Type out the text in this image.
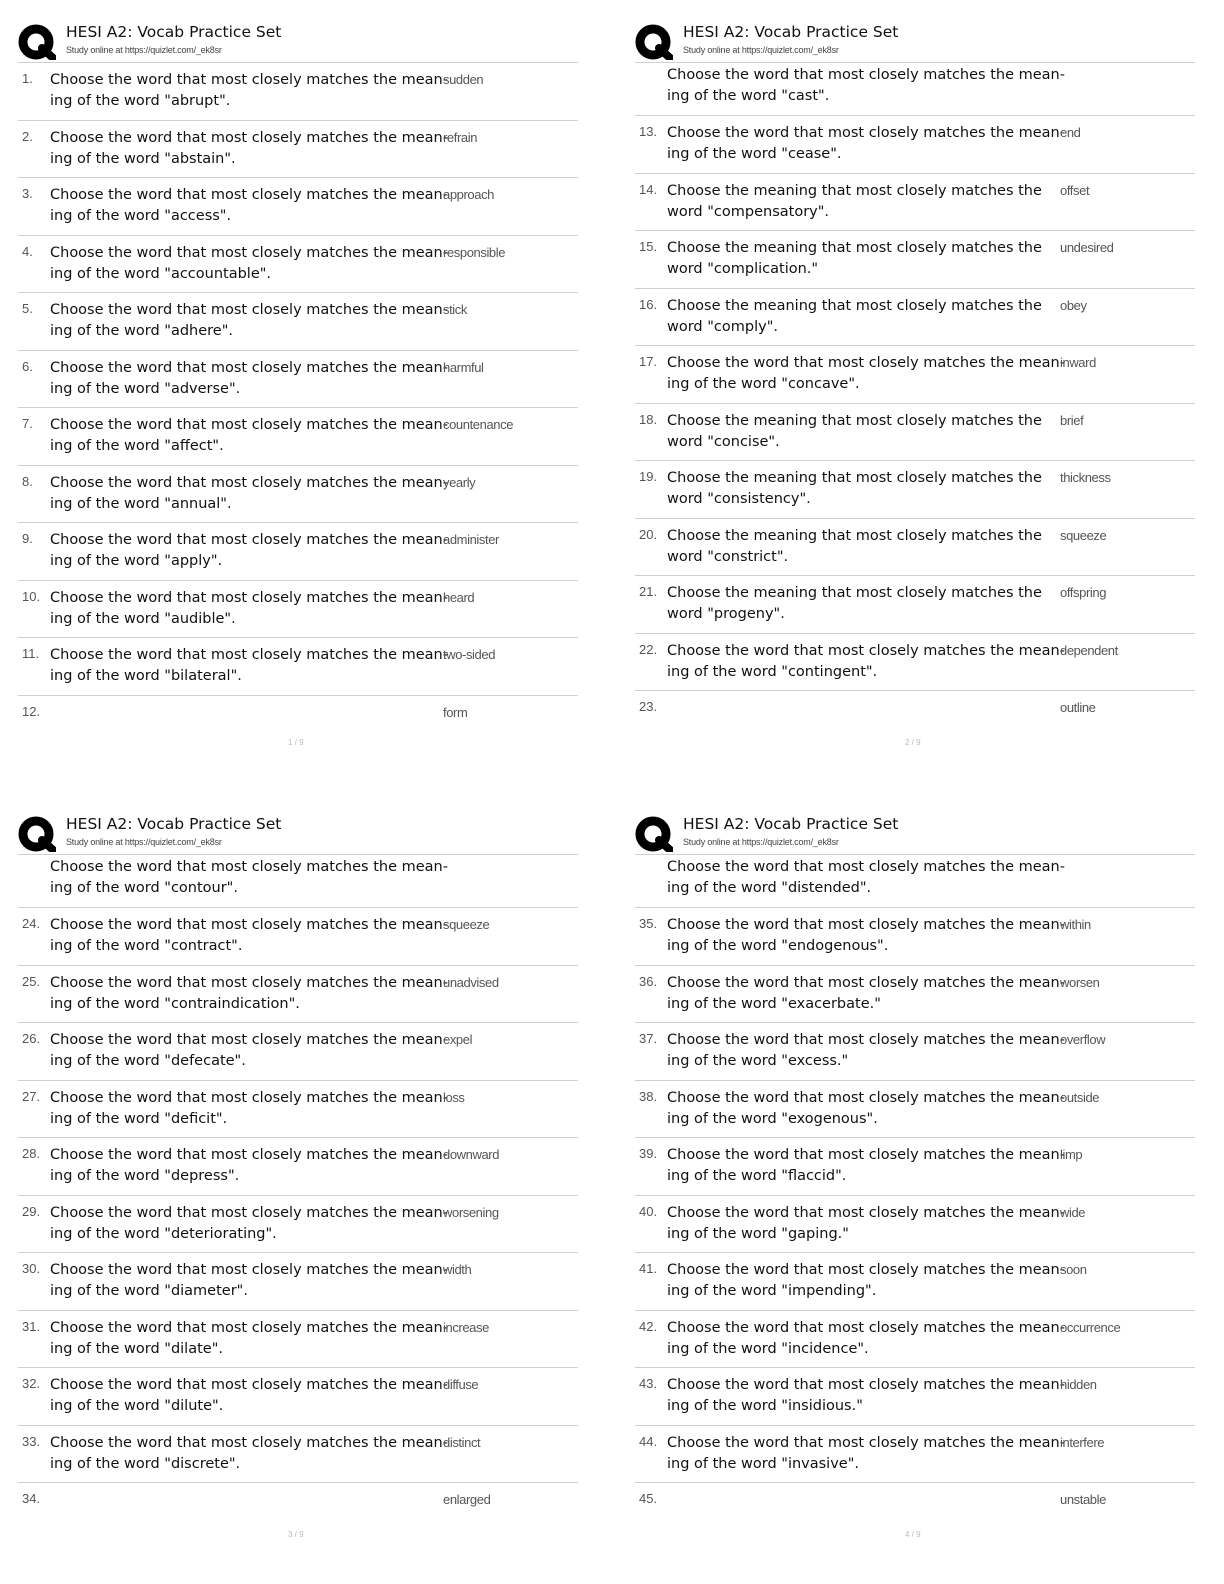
HESI A2: Vocab Practice Set
Study online at https://quizlet.com/_ek8sr
1. Choose the word that most closely matches the mean-
ing of the word "abrupt".
sudden
2. Choose the word that most closely matches the mean-
ing of the word "abstain".
refrain
3. Choose the word that most closely matches the mean-
ing of the word "access".
approach
4. Choose the word that most closely matches the mean-
ing of the word "accountable".
responsible
5. Choose the word that most closely matches the mean-
ing of the word "adhere".
stick
6. Choose the word that most closely matches the mean-
ing of the word "adverse".
harmful
7. Choose the word that most closely matches the mean-
ing of the word "affect".
countenance
8. Choose the word that most closely matches the mean-
ing of the word "annual".
yearly
9. Choose the word that most closely matches the mean-
ing of the word "apply".
administer
10. Choose the word that most closely matches the mean-
ing of the word "audible".
heard
11. Choose the word that most closely matches the mean-
ing of the word "bilateral".
two-sided
12.	form
1 / 9
HESI A2: Vocab Practice Set
Study online at https://quizlet.com/_ek8sr
Choose the word that most closely matches the mean-
ing of the word "cast".
13. Choose the word that most closely matches the mean-
ing of the word "cease".
end
14. Choose the meaning that most closely matches the
word "compensatory".
offset
15. Choose the meaning that most closely matches the
word "complication."
undesired
16. Choose the meaning that most closely matches the
word "comply".
obey
17. Choose the word that most closely matches the mean-
ing of the word "concave".
inward
18. Choose the meaning that most closely matches the
word "concise".
brief
19. Choose the meaning that most closely matches the
word "consistency".
thickness
20. Choose the meaning that most closely matches the
word "constrict".
squeeze
21. Choose the meaning that most closely matches the
word "progeny".
offspring
22. Choose the word that most closely matches the mean-
ing of the word "contingent".
dependent
23.	outline
2 / 9
HESI A2: Vocab Practice Set
Study online at https://quizlet.com/_ek8sr
Choose the word that most closely matches the mean-
ing of the word "contour".
24. Choose the word that most closely matches the mean-
ing of the word "contract".
squeeze
25. Choose the word that most closely matches the mean-
ing of the word "contraindication".
unadvised
26. Choose the word that most closely matches the mean-
ing of the word "defecate".
expel
27. Choose the word that most closely matches the mean-
ing of the word "deficit".
loss
28. Choose the word that most closely matches the mean-
ing of the word "depress".
downward
29. Choose the word that most closely matches the mean-
ing of the word "deteriorating".
worsening
30. Choose the word that most closely matches the mean-
ing of the word "diameter".
width
31. Choose the word that most closely matches the mean-
ing of the word "dilate".
increase
32. Choose the word that most closely matches the mean-
ing of the word "dilute".
diffuse
33. Choose the word that most closely matches the mean-
ing of the word "discrete".
distinct
34.	enlarged
3 / 9
HESI A2: Vocab Practice Set
Study online at https://quizlet.com/_ek8sr
Choose the word that most closely matches the mean-
ing of the word "distended".
35. Choose the word that most closely matches the mean-
ing of the word "endogenous".
within
36. Choose the word that most closely matches the mean-
ing of the word "exacerbate."
worsen
37. Choose the word that most closely matches the mean-
ing of the word "excess."
overflow
38. Choose the word that most closely matches the mean-
ing of the word "exogenous".
outside
39. Choose the word that most closely matches the mean-
ing of the word "flaccid".
limp
40. Choose the word that most closely matches the mean-
ing of the word "gaping."
wide
41. Choose the word that most closely matches the mean-
ing of the word "impending".
soon
42. Choose the word that most closely matches the mean-
ing of the word "incidence".
occurrence
43. Choose the word that most closely matches the mean-
ing of the word "insidious."
hidden
44. Choose the word that most closely matches the mean-
ing of the word "invasive".
interfere
45.	unstable
4 / 9
